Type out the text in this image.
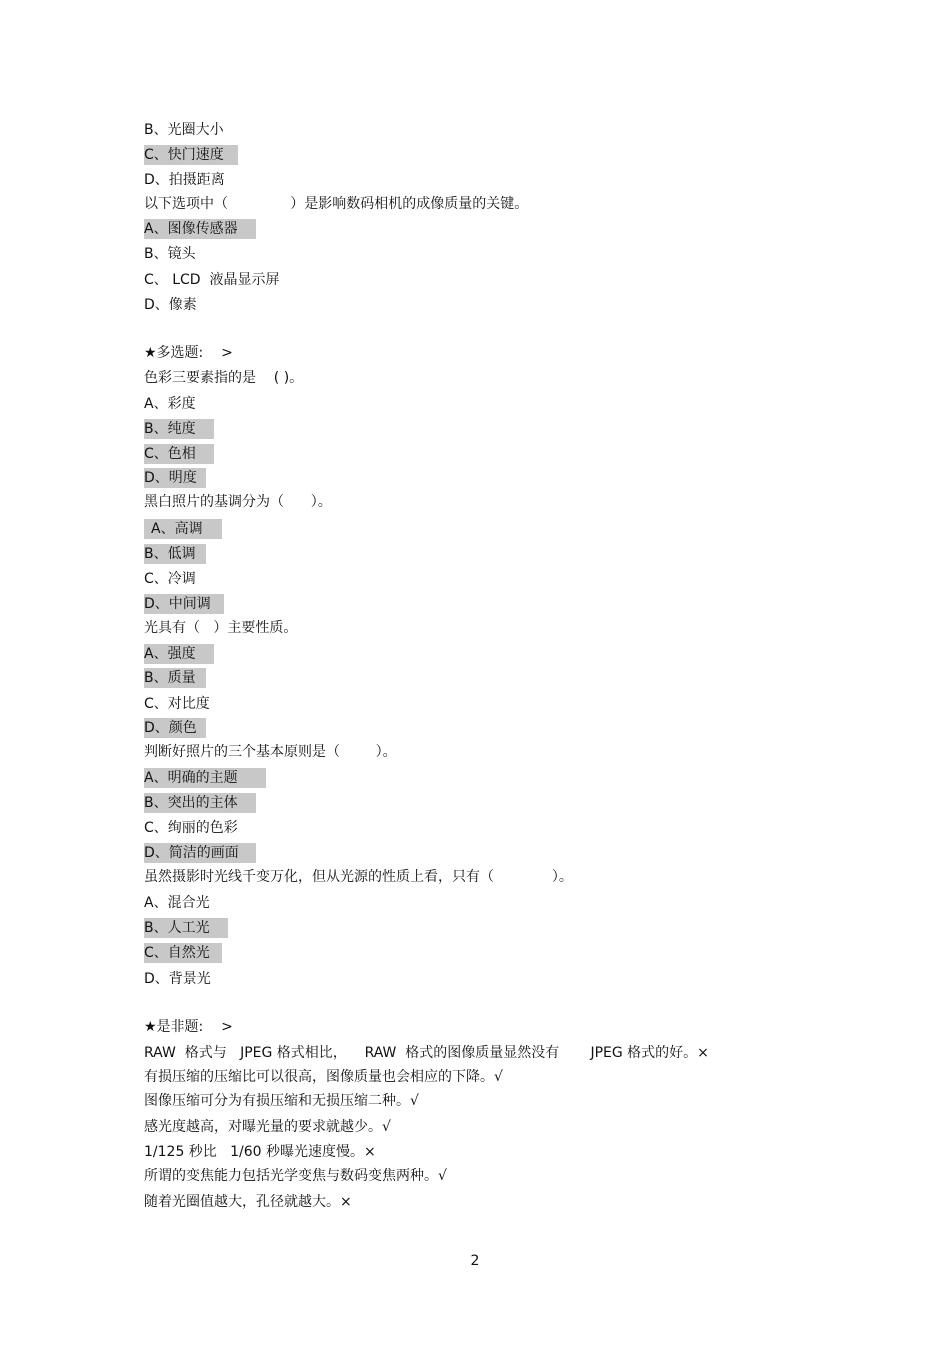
B、光圈大小
C、快门速度
D、拍摄距离
以下选项中（              ）是影响数码相机的成像质量的关键。
A、图像传感器
B、镜头
C、 LCD  液晶显示屏
D、像素
★多选题:    >
色彩三要素指的是    ( )。
A、彩度
B、纯度
C、色相
D、明度
黑白照片的基调分为（      ）。
A、高调
B、低调
C、冷调
D、中间调
光具有（   ）主要性质。
A、强度
B、质量
C、对比度
D、颜色
判断好照片的三个基本原则是（        ）。
A、明确的主题
B、突出的主体
C、绚丽的色彩
D、简洁的画面
虽然摄影时光线千变万化，但从光源的性质上看，只有（             ）。
A、混合光
B、人工光
C、自然光
D、背景光
★是非题:    >
RAW  格式与   JPEG 格式相比，    RAW  格式的图像质量显然没有       JPEG 格式的好。×
有损压缩的压缩比可以很高，图像质量也会相应的下降。√
图像压缩可分为有损压缩和无损压缩二种。√
感光度越高，对曝光量的要求就越少。√
1/125 秒比   1/60 秒曝光速度慢。×
所谓的变焦能力包括光学变焦与数码变焦两种。√
随着光圈值越大，孔径就越大。×
2
